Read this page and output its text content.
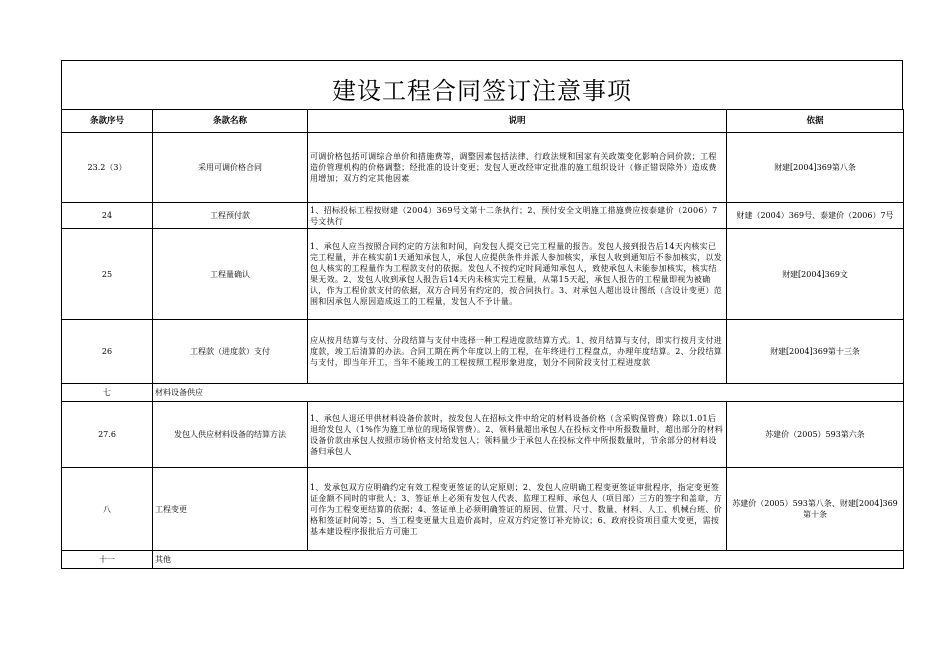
建设工程合同签订注意事项
条款序号	条款名称	说明	依据
23.2（3）	采用可调价格合同	可调价格包括可调综合单价和措施费等，调整因素包括法律、行政法规和国家有关政策变化影响合同价款；工程造价管理机构的价格调整；经批准的设计变更；发包人更改经审定批准的施工组织设计（修正错误除外）造成费用增加；双方约定其他因素	财建[2004]369第八条
24	工程预付款	1、招标投标工程按财建（2004）369号文第十二条执行；2、预付安全文明施工措施费应按泰建价（2006）7号文执行	财建（2004）369号、泰建价（2006）7号
25	工程量确认	1、承包人应当按照合同约定的方法和时间，向发包人提交已完工程量的报告。发包人接到报告后14天内核实已完工程量，并在核实前1天通知承包人，承包人应提供条件并派人参加核实，承包人收到通知后不参加核实，以发包人核实的工程量作为工程款支付的依据。发包人不按约定时间通知承包人，致使承包人未能参加核实，核实结果无效。2、发包人收到承包人报告后14天内未核实完工程量，从第15天起，承包人报告的工程量即视为被确认，作为工程价款支付的依据，双方合同另有约定的，按合同执行。3、对承包人超出设计图纸（含设计变更）范围和因承包人原因造成返工的工程量，发包人不予计量。	财建[2004]369文
26	工程款（进度款）支付	应从按月结算与支付、分段结算与支付中选择一种工程进度款结算方式。1、按月结算与支付，即实行按月支付进度款，竣工后清算的办法。合同工期在两个年度以上的工程，在年终进行工程盘点，办理年度结算。2、分段结算与支付，即当年开工，当年不能竣工的工程按照工程形象进度，划分不同阶段支付工程进度款	财建[2004]369第十三条
七	材料设备供应		
27.6	发包人供应材料设备的结算方法	1、承包人退还甲供材料设备价款时，按发包人在招标文件中给定的材料设备价格（含采购保管费）除以1.01后退给发包人（1%作为施工单位的现场保管费）。2、领料量超出承包人在投标文件中所报数量时，超出部分的材料设备价款由承包人按照市场价格支付给发包人；领料量少于承包人在投标文件中所报数量时，节余部分的材料设备归承包人	苏建价（2005）593第六条
八	工程变更	1、发承包双方应明确约定有效工程变更签证的认定原则；2、发包人应明确工程变更签证审批程序，指定变更签证金额不同时的审批人；3、签证单上必须有发包人代表、监理工程师、承包人（项目部）三方的签字和盖章，方可作为工程变更结算的依据；4、签证单上必须明确签证的原因、位置、尺寸、数量、材料、人工、机械台班、价格和签证时间等；5、当工程变更量大且造价高时，应双方约定签订补充协议；6、政府投资项目重大变更，需按基本建设程序报批后方可施工	苏建价（2005）593第八条、财建[2004]369第十条
十一	其他		
